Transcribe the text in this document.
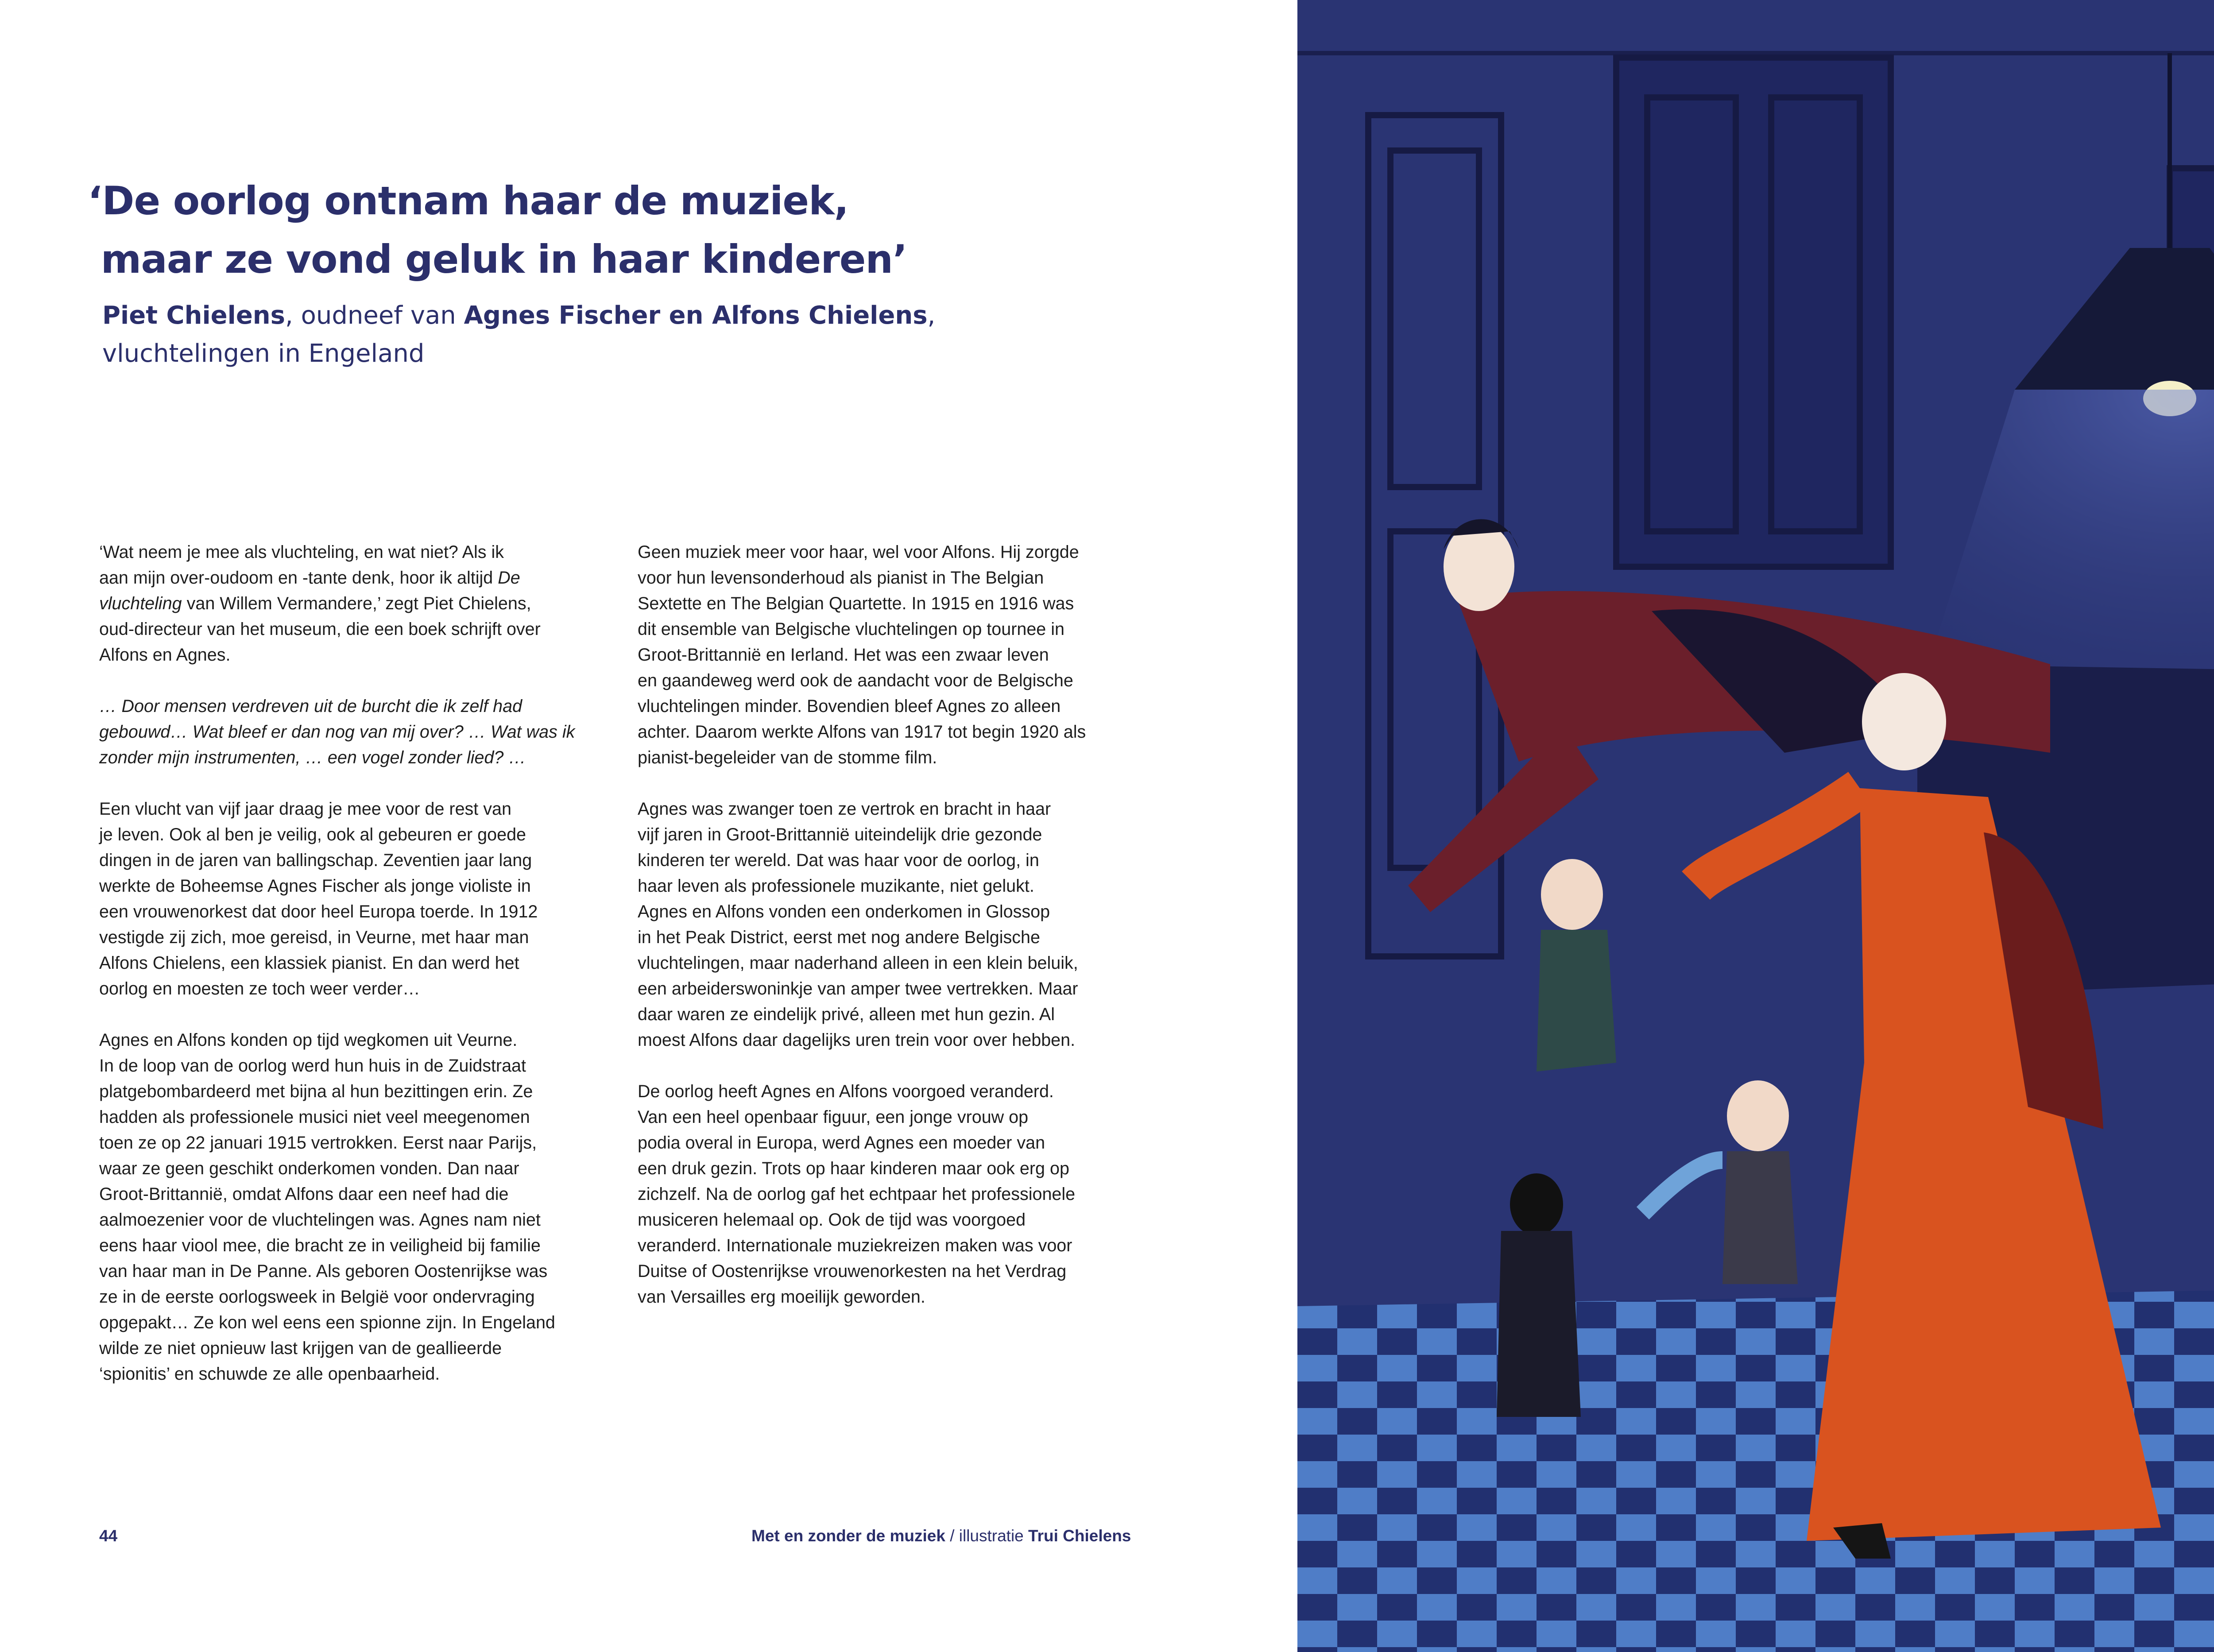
‘De oorlog ontnam haar de muziek,
maar ze vond geluk in haar kinderen’

Piet Chielens, oudneef van Agnes Fischer en Alfons Chielens,
vluchtelingen in Engeland

‘Wat neem je mee als vluchteling, en wat niet? Als ik
aan mijn over-oudoom en -tante denk, hoor ik altijd De
vluchteling van Willem Vermandere,’ zegt Piet Chielens,
oud-directeur van het museum, die een boek schrijft over
Alfons en Agnes.

… Door mensen verdreven uit de burcht die ik zelf had
gebouwd… Wat bleef er dan nog van mij over? … Wat was ik
zonder mijn instrumenten, … een vogel zonder lied? …

Een vlucht van vijf jaar draag je mee voor de rest van
je leven. Ook al ben je veilig, ook al gebeuren er goede
dingen in de jaren van ballingschap. Zeventien jaar lang
werkte de Boheemse Agnes Fischer als jonge violiste in
een vrouwenorkest dat door heel Europa toerde. In 1912
vestigde zij zich, moe gereisd, in Veurne, met haar man
Alfons Chielens, een klassiek pianist. En dan werd het
oorlog en moesten ze toch weer verder…

Agnes en Alfons konden op tijd wegkomen uit Veurne.
In de loop van de oorlog werd hun huis in de Zuidstraat
platgebombardeerd met bijna al hun bezittingen erin. Ze
hadden als professionele musici niet veel meegenomen
toen ze op 22 januari 1915 vertrokken. Eerst naar Parijs,
waar ze geen geschikt onderkomen vonden. Dan naar
Groot-Brittannië, omdat Alfons daar een neef had die
aalmoezenier voor de vluchtelingen was. Agnes nam niet
eens haar viool mee, die bracht ze in veiligheid bij familie
van haar man in De Panne. Als geboren Oostenrijkse was
ze in de eerste oorlogsweek in België voor ondervraging
opgepakt… Ze kon wel eens een spionne zijn. In Engeland
wilde ze niet opnieuw last krijgen van de geallieerde
‘spionitis’ en schuwde ze alle openbaarheid.

Geen muziek meer voor haar, wel voor Alfons. Hij zorgde
voor hun levensonderhoud als pianist in The Belgian
Sextette en The Belgian Quartette. In 1915 en 1916 was
dit ensemble van Belgische vluchtelingen op tournee in
Groot-Brittannië en Ierland. Het was een zwaar leven
en gaandeweg werd ook de aandacht voor de Belgische
vluchtelingen minder. Bovendien bleef Agnes zo alleen
achter. Daarom werkte Alfons van 1917 tot begin 1920 als
pianist-begeleider van de stomme film.

Agnes was zwanger toen ze vertrok en bracht in haar
vijf jaren in Groot-Brittannië uiteindelijk drie gezonde
kinderen ter wereld. Dat was haar voor de oorlog, in
haar leven als professionele muzikante, niet gelukt.
Agnes en Alfons vonden een onderkomen in Glossop
in het Peak District, eerst met nog andere Belgische
vluchtelingen, maar naderhand alleen in een klein beluik,
een arbeiderswoninkje van amper twee vertrekken. Maar
daar waren ze eindelijk privé, alleen met hun gezin. Al
moest Alfons daar dagelijks uren trein voor over hebben.

De oorlog heeft Agnes en Alfons voorgoed veranderd.
Van een heel openbaar figuur, een jonge vrouw op
podia overal in Europa, werd Agnes een moeder van
een druk gezin. Trots op haar kinderen maar ook erg op
zichzelf. Na de oorlog gaf het echtpaar het professionele
musiceren helemaal op. Ook de tijd was voorgoed
veranderd. Internationale muziekreizen maken was voor
Duitse of Oostenrijkse vrouwenorkesten na het Verdrag
van Versailles erg moeilijk geworden.

44	Met en zonder de muziek / illustratie Trui Chielens
